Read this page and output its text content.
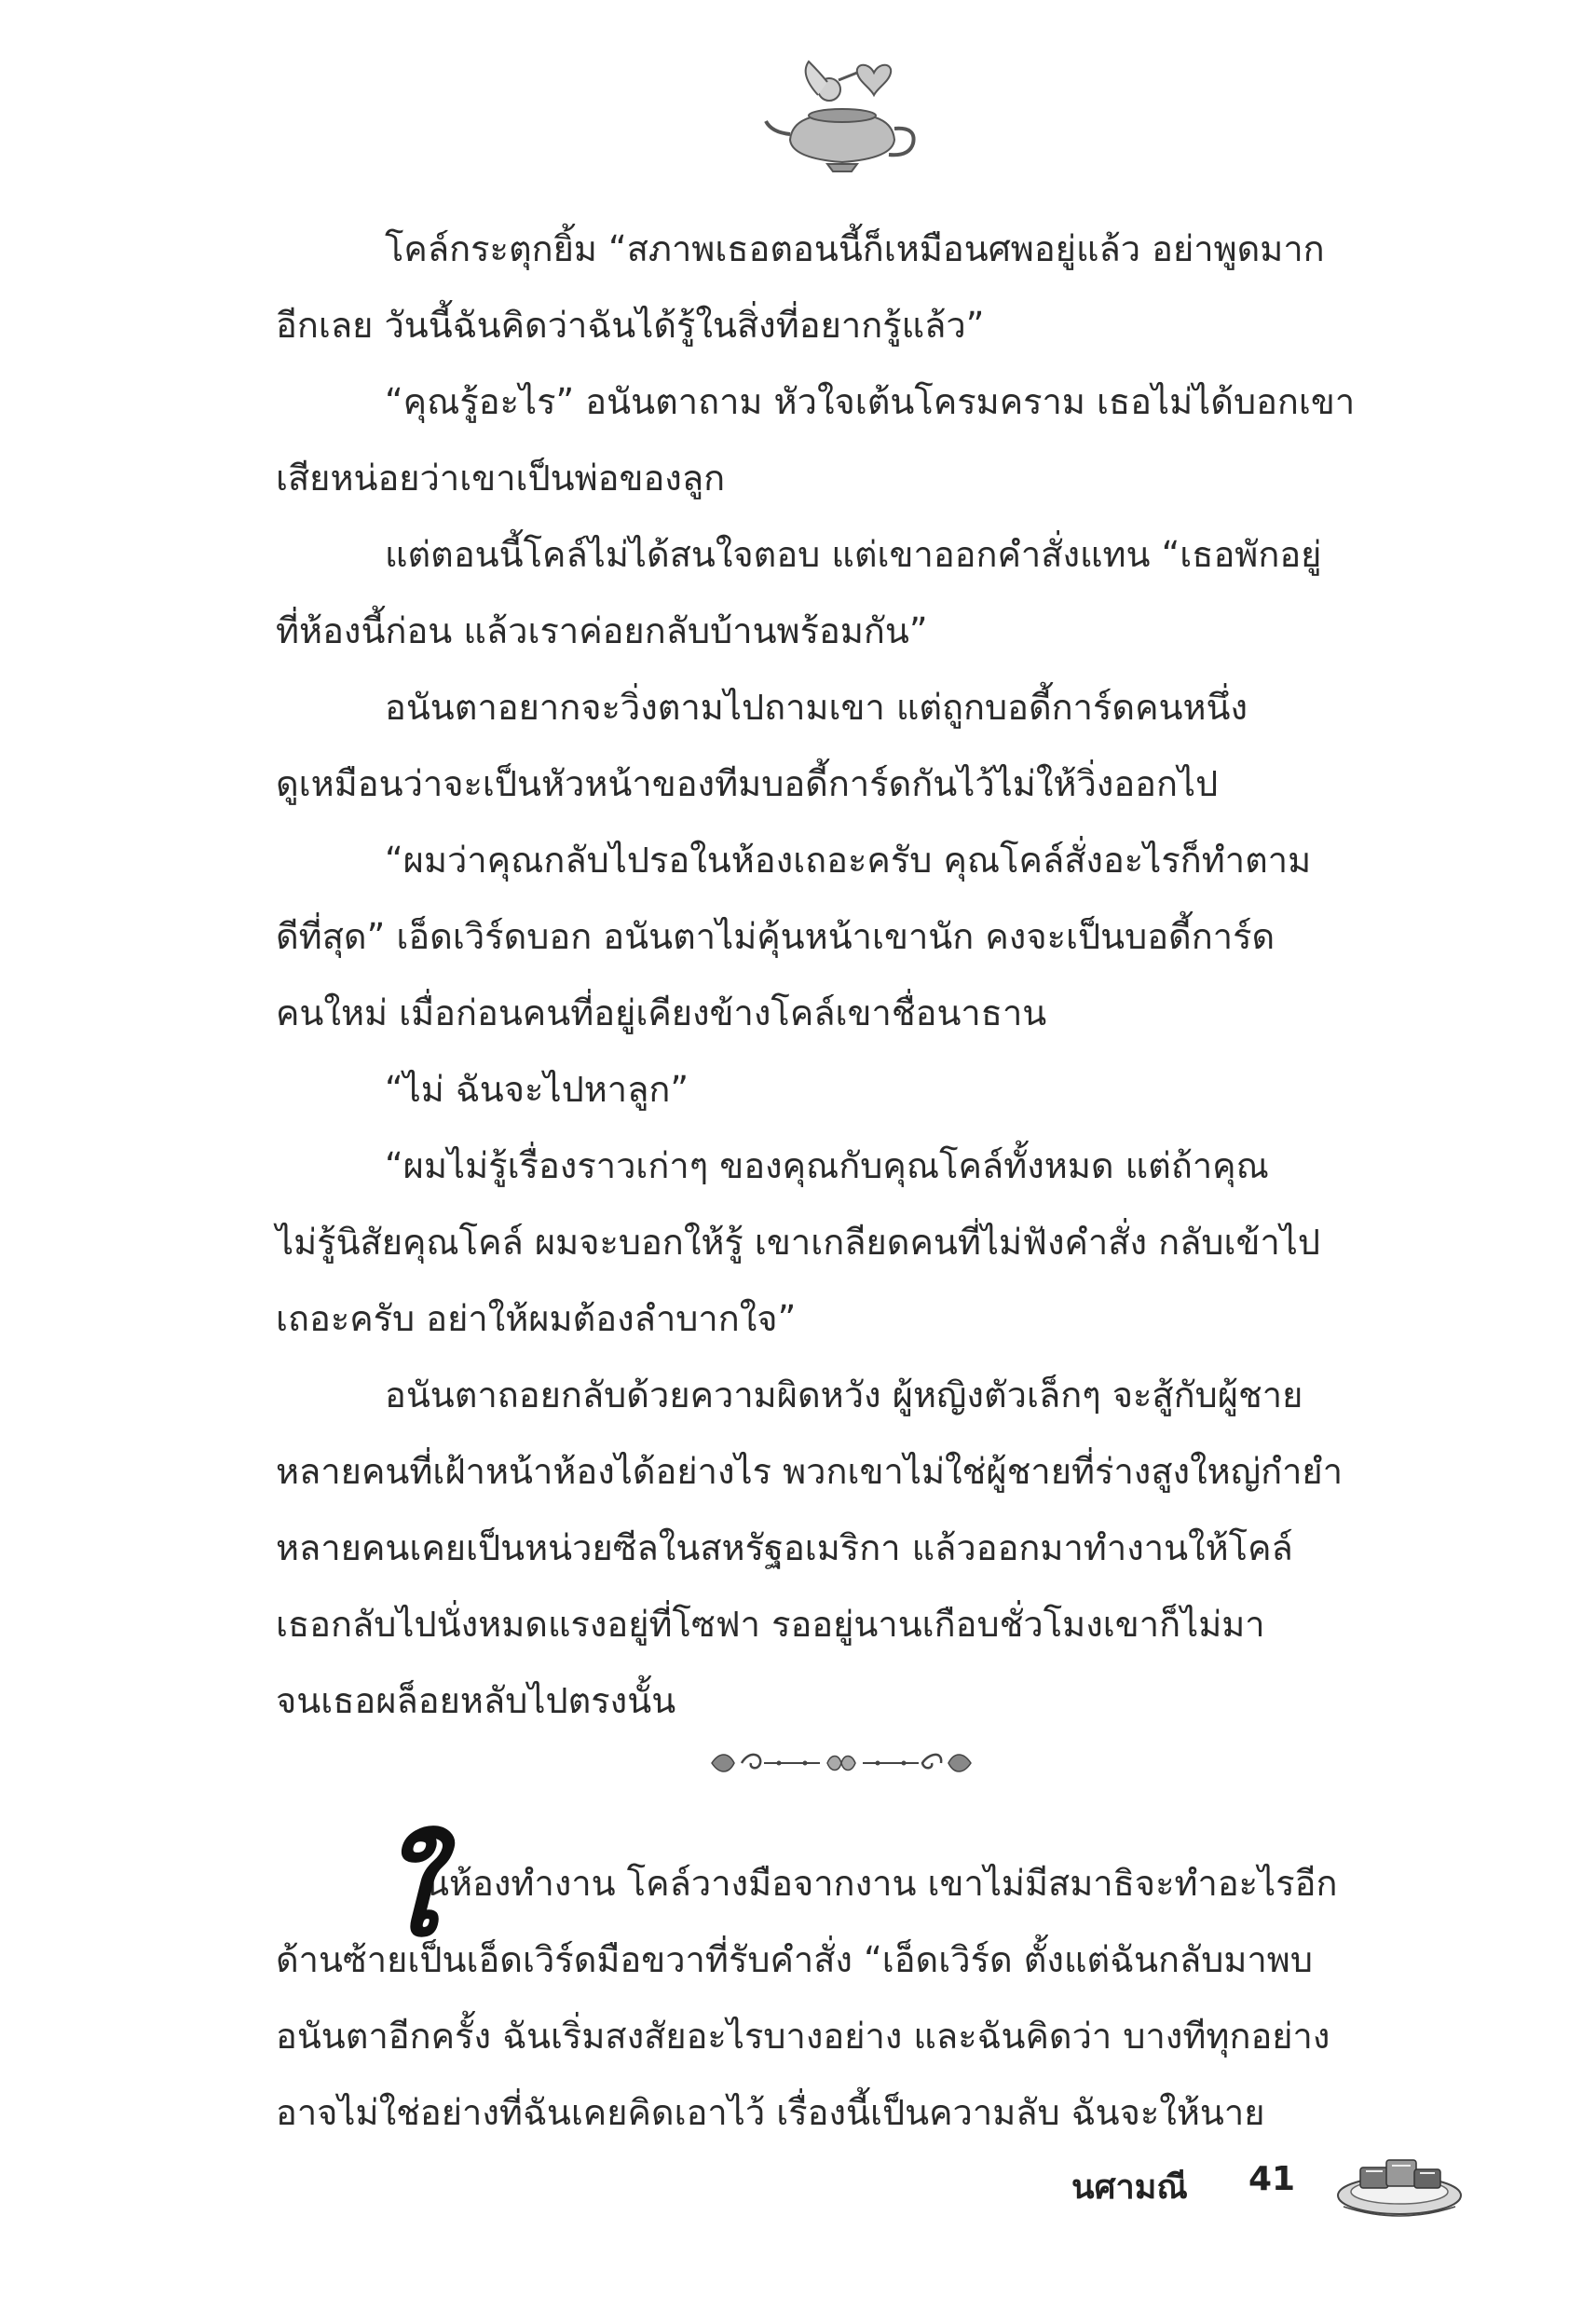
โคล์กระตุกยิ้ม “สภาพเธอตอนนี้ก็เหมือนศพอยู่แล้ว อย่าพูดมาก
อีกเลย วันนี้ฉันคิดว่าฉันได้รู้ในสิ่งที่อยากรู้แล้ว”
“คุณรู้อะไร” อนันตาถาม หัวใจเต้นโครมคราม เธอไม่ได้บอกเขา
เสียหน่อยว่าเขาเป็นพ่อของลูก
แต่ตอนนี้โคล์ไม่ได้สนใจตอบ แต่เขาออกคำสั่งแทน “เธอพักอยู่
ที่ห้องนี้ก่อน แล้วเราค่อยกลับบ้านพร้อมกัน”
อนันตาอยากจะวิ่งตามไปถามเขา แต่ถูกบอดี้การ์ดคนหนึ่ง
ดูเหมือนว่าจะเป็นหัวหน้าของทีมบอดี้การ์ดกันไว้ไม่ให้วิ่งออกไป
“ผมว่าคุณกลับไปรอในห้องเถอะครับ คุณโคล์สั่งอะไรก็ทำตาม
ดีที่สุด” เอ็ดเวิร์ดบอก อนันตาไม่คุ้นหน้าเขานัก คงจะเป็นบอดี้การ์ด
คนใหม่ เมื่อก่อนคนที่อยู่เคียงข้างโคล์เขาชื่อนาธาน
“ไม่ ฉันจะไปหาลูก”
“ผมไม่รู้เรื่องราวเก่าๆ ของคุณกับคุณโคล์ทั้งหมด แต่ถ้าคุณ
ไม่รู้นิสัยคุณโคล์ ผมจะบอกให้รู้ เขาเกลียดคนที่ไม่ฟังคำสั่ง กลับเข้าไป
เถอะครับ อย่าให้ผมต้องลำบากใจ”
อนันตาถอยกลับด้วยความผิดหวัง ผู้หญิงตัวเล็กๆ จะสู้กับผู้ชาย
หลายคนที่เฝ้าหน้าห้องได้อย่างไร พวกเขาไม่ใช่ผู้ชายที่ร่างสูงใหญ่กำยำ
หลายคนเคยเป็นหน่วยซีลในสหรัฐอเมริกา แล้วออกมาทำงานให้โคล์
เธอกลับไปนั่งหมดแรงอยู่ที่โซฟา รออยู่นานเกือบชั่วโมงเขาก็ไม่มา
จนเธอผล็อยหลับไปตรงนั้น
ใ
นห้องทำงาน โคล์วางมือจากงาน เขาไม่มีสมาธิจะทำอะไรอีก
ด้านซ้ายเป็นเอ็ดเวิร์ดมือขวาที่รับคำสั่ง “เอ็ดเวิร์ด ตั้งแต่ฉันกลับมาพบ
อนันตาอีกครั้ง ฉันเริ่มสงสัยอะไรบางอย่าง และฉันคิดว่า บางทีทุกอย่าง
อาจไม่ใช่อย่างที่ฉันเคยคิดเอาไว้ เรื่องนี้เป็นความลับ ฉันจะให้นาย
นศามณี 41
